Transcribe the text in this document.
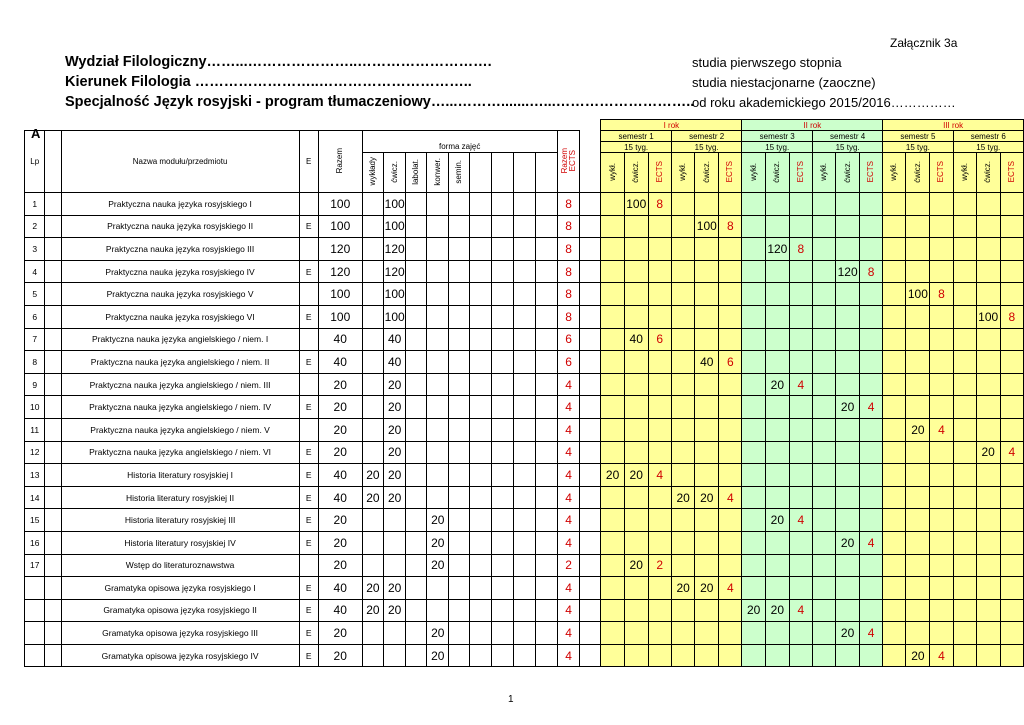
Załącznik 3a
Wydział Filologiczny……...…………………..……………………….
Kierunek Filologia ……………………..…………………………..
Specjalność Język rosyjski - program tłumaczeniowy…...……….......…...………………………..
studia pierwszego stopnia
studia niestacjonarne (zaoczne)
od roku akademickiego 2015/2016……………
A
																I rok						II rok						III rok					
Lp		Nazwa modułu/przedmiotu	E	Razem										Razem
ECTS		semestr 1			semestr 2			semestr 3			semestr 4			semestr 5			semestr 6		
					forma zajęć											15 tyg.			15 tyg.			15 tyg.			15 tyg.			15 tyg.			15 tyg.		
					wykłady	ćwicz.	labolat.	konwer.	semin.							wykł.	ćwicz.	ECTS	wykł.	ćwicz.	ECTS	wykł.	ćwicz.	ECTS	wykł.	ćwicz.	ECTS	wykł.	ćwicz.	ECTS	wykł.	ćwicz.	ECTS
1		Praktyczna nauka języka rosyjskiego I		100		100								8			100	8															
2		Praktyczna nauka języka rosyjskiego II	E	100		100								8						100	8												
3		Praktyczna nauka języka rosyjskiego III		120		120								8									120	8									
4		Praktyczna nauka języka rosyjskiego IV	E	120		120								8												120	8						
5		Praktyczna nauka języka rosyjskiego V		100		100								8															100	8			
6		Praktyczna nauka języka rosyjskiego VI	E	100		100								8																		100	8
7		Praktyczna nauka języka angielskiego / niem. I		40		40								6			40	6															
8		Praktyczna nauka języka angielskiego / niem. II	E	40		40								6						40	6												
9		Praktyczna nauka języka angielskiego / niem. III		20		20								4									20	4									
10		Praktyczna nauka języka angielskiego / niem. IV	E	20		20								4												20	4						
11		Praktyczna nauka języka angielskiego / niem. V		20		20								4															20	4			
12		Praktyczna nauka języka angielskiego / niem. VI	E	20		20								4																		20	4
13		Historia literatury rosyjskiej I	E	40	20	20								4		20	20	4															
14		Historia literatury rosyjskiej II	E	40	20	20								4					20	20	4												
15		Historia literatury rosyjskiej III	E	20				20						4									20	4									
16		Historia literatury rosyjskiej IV	E	20				20						4												20	4						
17		Wstęp do literaturoznawstwa		20				20						2			20	2															
		Gramatyka opisowa języka rosyjskiego I	E	40	20	20								4					20	20	4												
		Gramatyka opisowa języka rosyjskiego II	E	40	20	20								4								20	20	4									
		Gramatyka opisowa języka rosyjskiego III	E	20				20						4												20	4						
		Gramatyka opisowa języka rosyjskiego IV	E	20				20						4															20	4			
1
